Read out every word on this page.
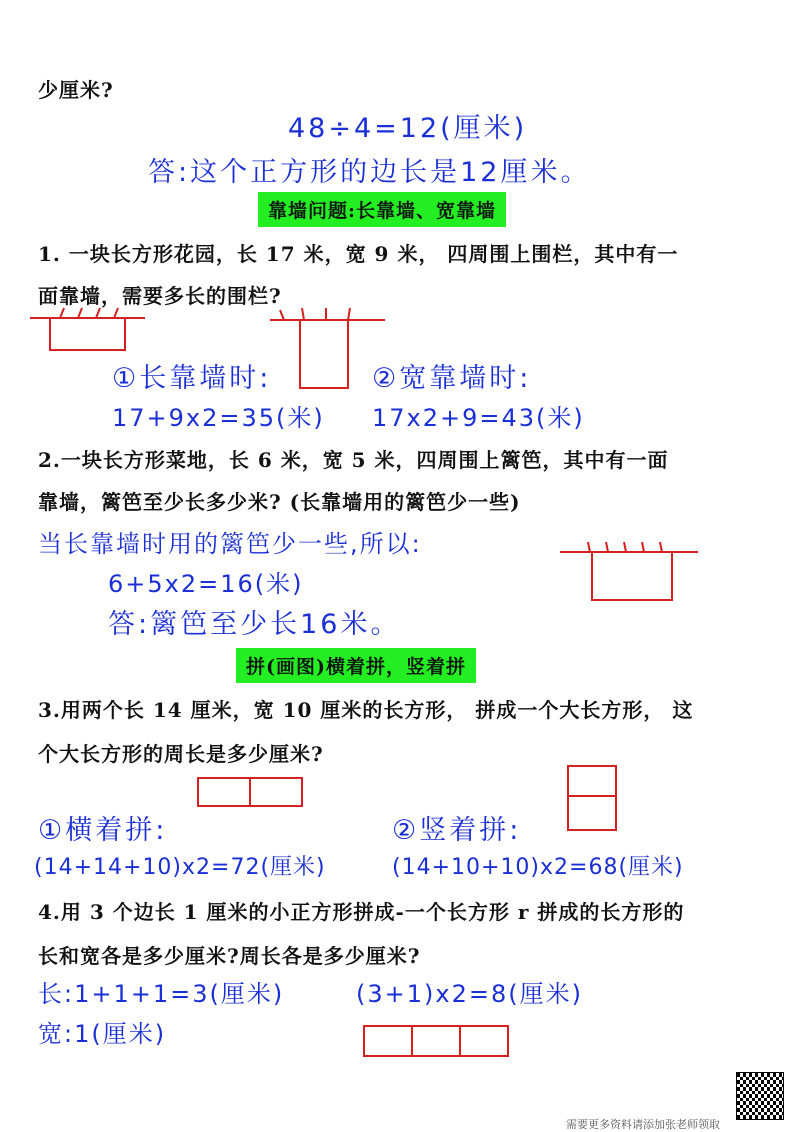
少厘米?
48÷4=12(厘米)
答:这个正方形的边长是12厘米。
靠墙问题:长靠墙、宽靠墙
1. 一块长方形花园，长 17 米，宽 9 米， 四周围上围栏，其中有一
面靠墙，需要多长的围栏?
①长靠墙时:
17+9x2=35(米)
②宽靠墙时:
17x2+9=43(米)
2.一块长方形菜地，长 6 米，宽 5 米，四周围上篱笆，其中有一面
靠墙，篱笆至少长多少米? (长靠墙用的篱笆少一些)
当长靠墙时用的篱笆少一些,所以:
6+5x2=16(米)
答:篱笆至少长16米。
拼(画图)横着拼，竖着拼
3.用两个长 14 厘米，宽 10 厘米的长方形， 拼成一个大长方形， 这
个大长方形的周长是多少厘米?
①横着拼:	②竖着拼:
(14+14+10)x2=72(厘米)	(14+10+10)x2=68(厘米)
4.用 3 个边长 1 厘米的小正方形拼成-一个长方形 r 拼成的长方形的
长和宽各是多少厘米?周长各是多少厘米?
长:1+1+1=3(厘米)	(3+1)x2=8(厘米)
宽:1(厘米)
需要更多资料请添加张老师领取
